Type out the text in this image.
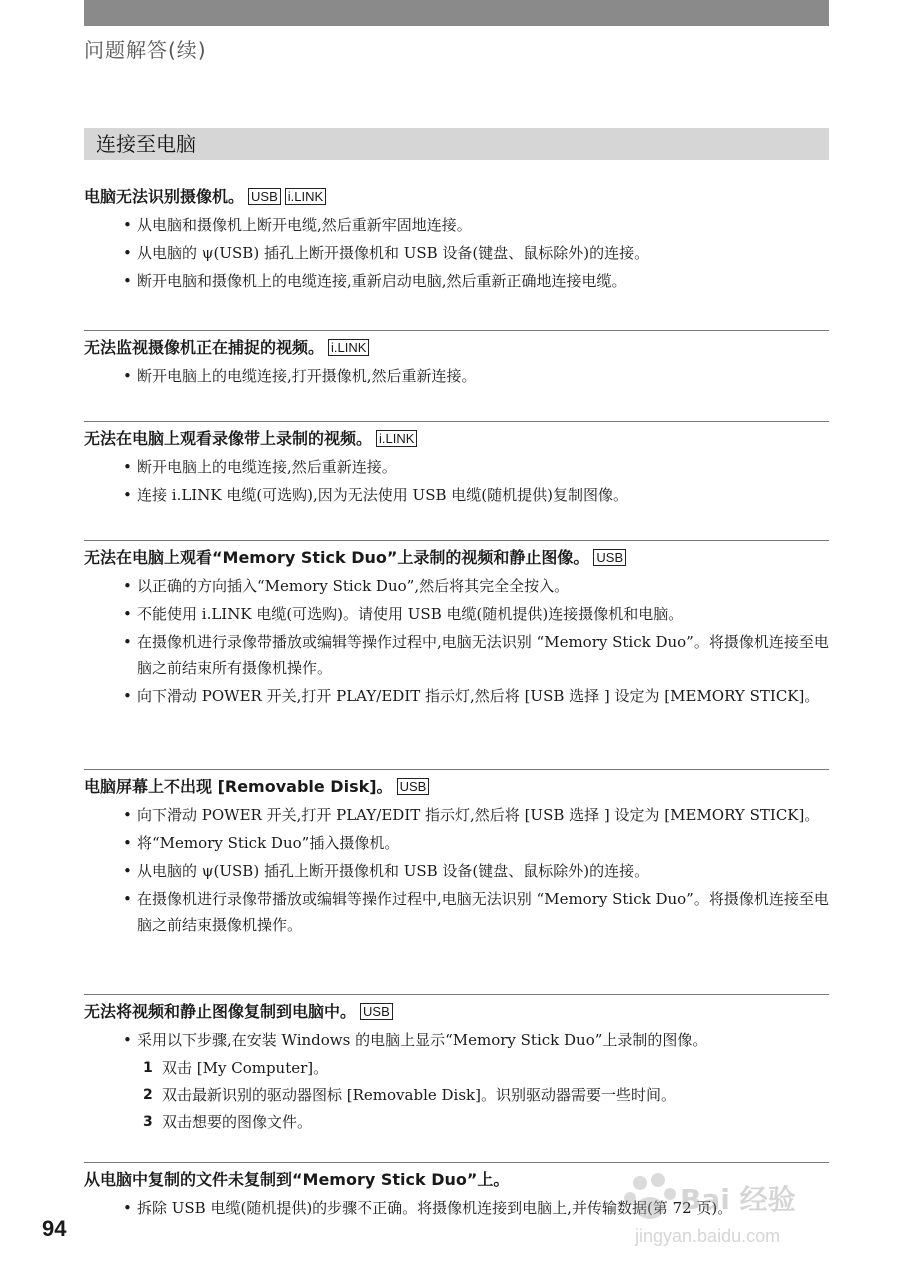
问题解答(续)
连接至电脑
电脑无法识别摄像机。 USB i.LINK
• 从电脑和摄像机上断开电缆,然后重新牢固地连接。
• 从电脑的 ψ(USB) 插孔上断开摄像机和 USB 设备(键盘、鼠标除外)的连接。
• 断开电脑和摄像机上的电缆连接,重新启动电脑,然后重新正确地连接电缆。
无法监视摄像机正在捕捉的视频。 i.LINK
• 断开电脑上的电缆连接,打开摄像机,然后重新连接。
无法在电脑上观看录像带上录制的视频。 i.LINK
• 断开电脑上的电缆连接,然后重新连接。
• 连接 i.LINK 电缆(可选购),因为无法使用 USB 电缆(随机提供)复制图像。
无法在电脑上观看“Memory Stick Duo”上录制的视频和静止图像。 USB
• 以正确的方向插入“Memory Stick Duo”,然后将其完全全按入。
• 不能使用 i.LINK 电缆(可选购)。请使用 USB 电缆(随机提供)连接摄像机和电脑。
• 在摄像机进行录像带播放或编辑等操作过程中,电脑无法识别 “Memory Stick Duo”。将摄像机连接至电脑之前结束所有摄像机操作。
• 向下滑动 POWER 开关,打开 PLAY/EDIT 指示灯,然后将 [USB 选择 ] 设定为 [MEMORY STICK]。
电脑屏幕上不出现 [Removable Disk]。 USB
• 向下滑动 POWER 开关,打开 PLAY/EDIT 指示灯,然后将 [USB 选择 ] 设定为 [MEMORY STICK]。
• 将“Memory Stick Duo”插入摄像机。
• 从电脑的 ψ(USB) 插孔上断开摄像机和 USB 设备(键盘、鼠标除外)的连接。
• 在摄像机进行录像带播放或编辑等操作过程中,电脑无法识别 “Memory Stick Duo”。将摄像机连接至电脑之前结束摄像机操作。
无法将视频和静止图像复制到电脑中。 USB
• 采用以下步骤,在安装 Windows 的电脑上显示“Memory Stick Duo”上录制的图像。
1 双击 [My Computer]。
2 双击最新识别的驱动器图标 [Removable Disk]。识别驱动器需要一些时间。
3 双击想要的图像文件。
从电脑中复制的文件未复制到“Memory Stick Duo”上。
• 拆除 USB 电缆(随机提供)的步骤不正确。将摄像机连接到电脑上,并传输数据(第 72 页)。
94
Bai 经验
jingyan.baidu.com
